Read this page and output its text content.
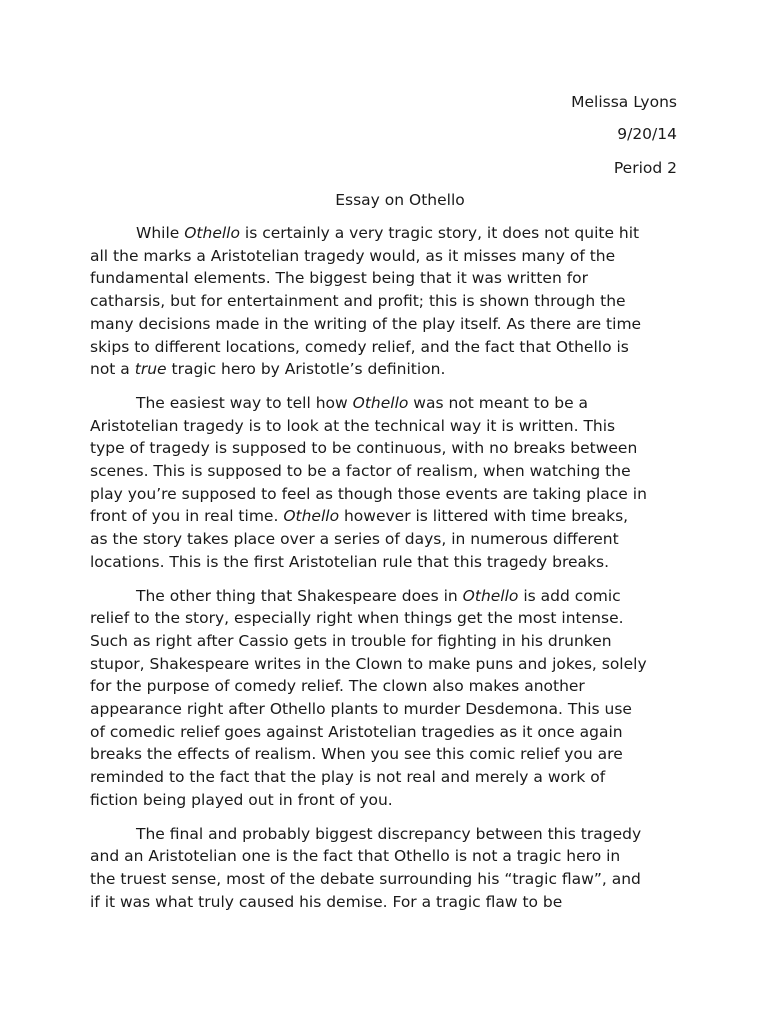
Melissa Lyons
9/20/14
Period 2
Essay on Othello
While Othello is certainly a very tragic story, it does not quite hit
all the marks a Aristotelian tragedy would, as it misses many of the
fundamental elements. The biggest being that it was written for
catharsis, but for entertainment and profit; this is shown through the
many decisions made in the writing of the play itself. As there are time
skips to different locations, comedy relief, and the fact that Othello is
not a true tragic hero by Aristotle’s definition.
The easiest way to tell how Othello was not meant to be a
Aristotelian tragedy is to look at the technical way it is written. This
type of tragedy is supposed to be continuous, with no breaks between
scenes. This is supposed to be a factor of realism, when watching the
play you’re supposed to feel as though those events are taking place in
front of you in real time. Othello however is littered with time breaks,
as the story takes place over a series of days, in numerous different
locations. This is the first Aristotelian rule that this tragedy breaks.
The other thing that Shakespeare does in Othello is add comic
relief to the story, especially right when things get the most intense.
Such as right after Cassio gets in trouble for fighting in his drunken
stupor, Shakespeare writes in the Clown to make puns and jokes, solely
for the purpose of comedy relief. The clown also makes another
appearance right after Othello plants to murder Desdemona. This use
of comedic relief goes against Aristotelian tragedies as it once again
breaks the effects of realism. When you see this comic relief you are
reminded to the fact that the play is not real and merely a work of
fiction being played out in front of you.
The final and probably biggest discrepancy between this tragedy
and an Aristotelian one is the fact that Othello is not a tragic hero in
the truest sense, most of the debate surrounding his “tragic flaw”, and
if it was what truly caused his demise. For a tragic flaw to be
